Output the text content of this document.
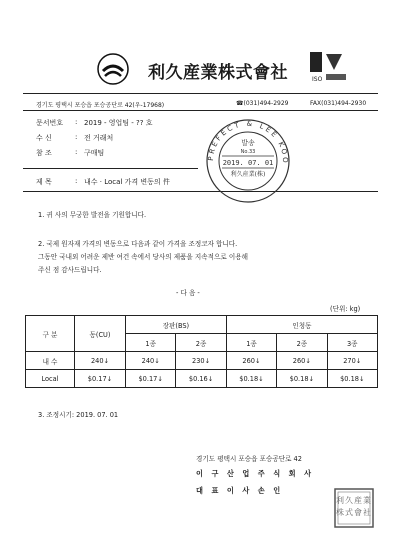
利久産業株式會社	ISO
경기도 평택시 포승읍 포승공단로 42(우-17968)	☎(031)494-2929	FAX(031)494-2930
문서번호 : 2019 - 영업팀 - ?? 호
수 신	: 전 거래처
참 조	: 구매팀
제 목	: 내수 · Local 가격 변동의 件
PREFECT & LEE KOO
발송
No.33
2019. 07. 01
利久産業(株)
1. 귀 사의 무궁한 발전을 기원합니다.
2. 국제 원자재 가격의 변동으로 다음과 같이 가격을 조정코자 합니다.
그동안 국내외 어려운 제반 여건 속에서 당사의 제품을 지속적으로 이용해
주신 점 감사드립니다.
- 다 음 -
(단위: kg)
구 분	동(CU)	장판(BS)		인청동		
		1종	2종	1종	2종	3종
내 수	240↓	240↓	230↓	260↓	260↓	270↓
Local	$0.17↓	$0.17↓	$0.16↓	$0.18↓	$0.18↓	$0.18↓
3. 조정시기: 2019. 07. 01
경기도 평택시 포승읍 포승공단로 42
이 구 산 업 주 식 회 사
대 표 이 사 손 인
利久産業株式會社
